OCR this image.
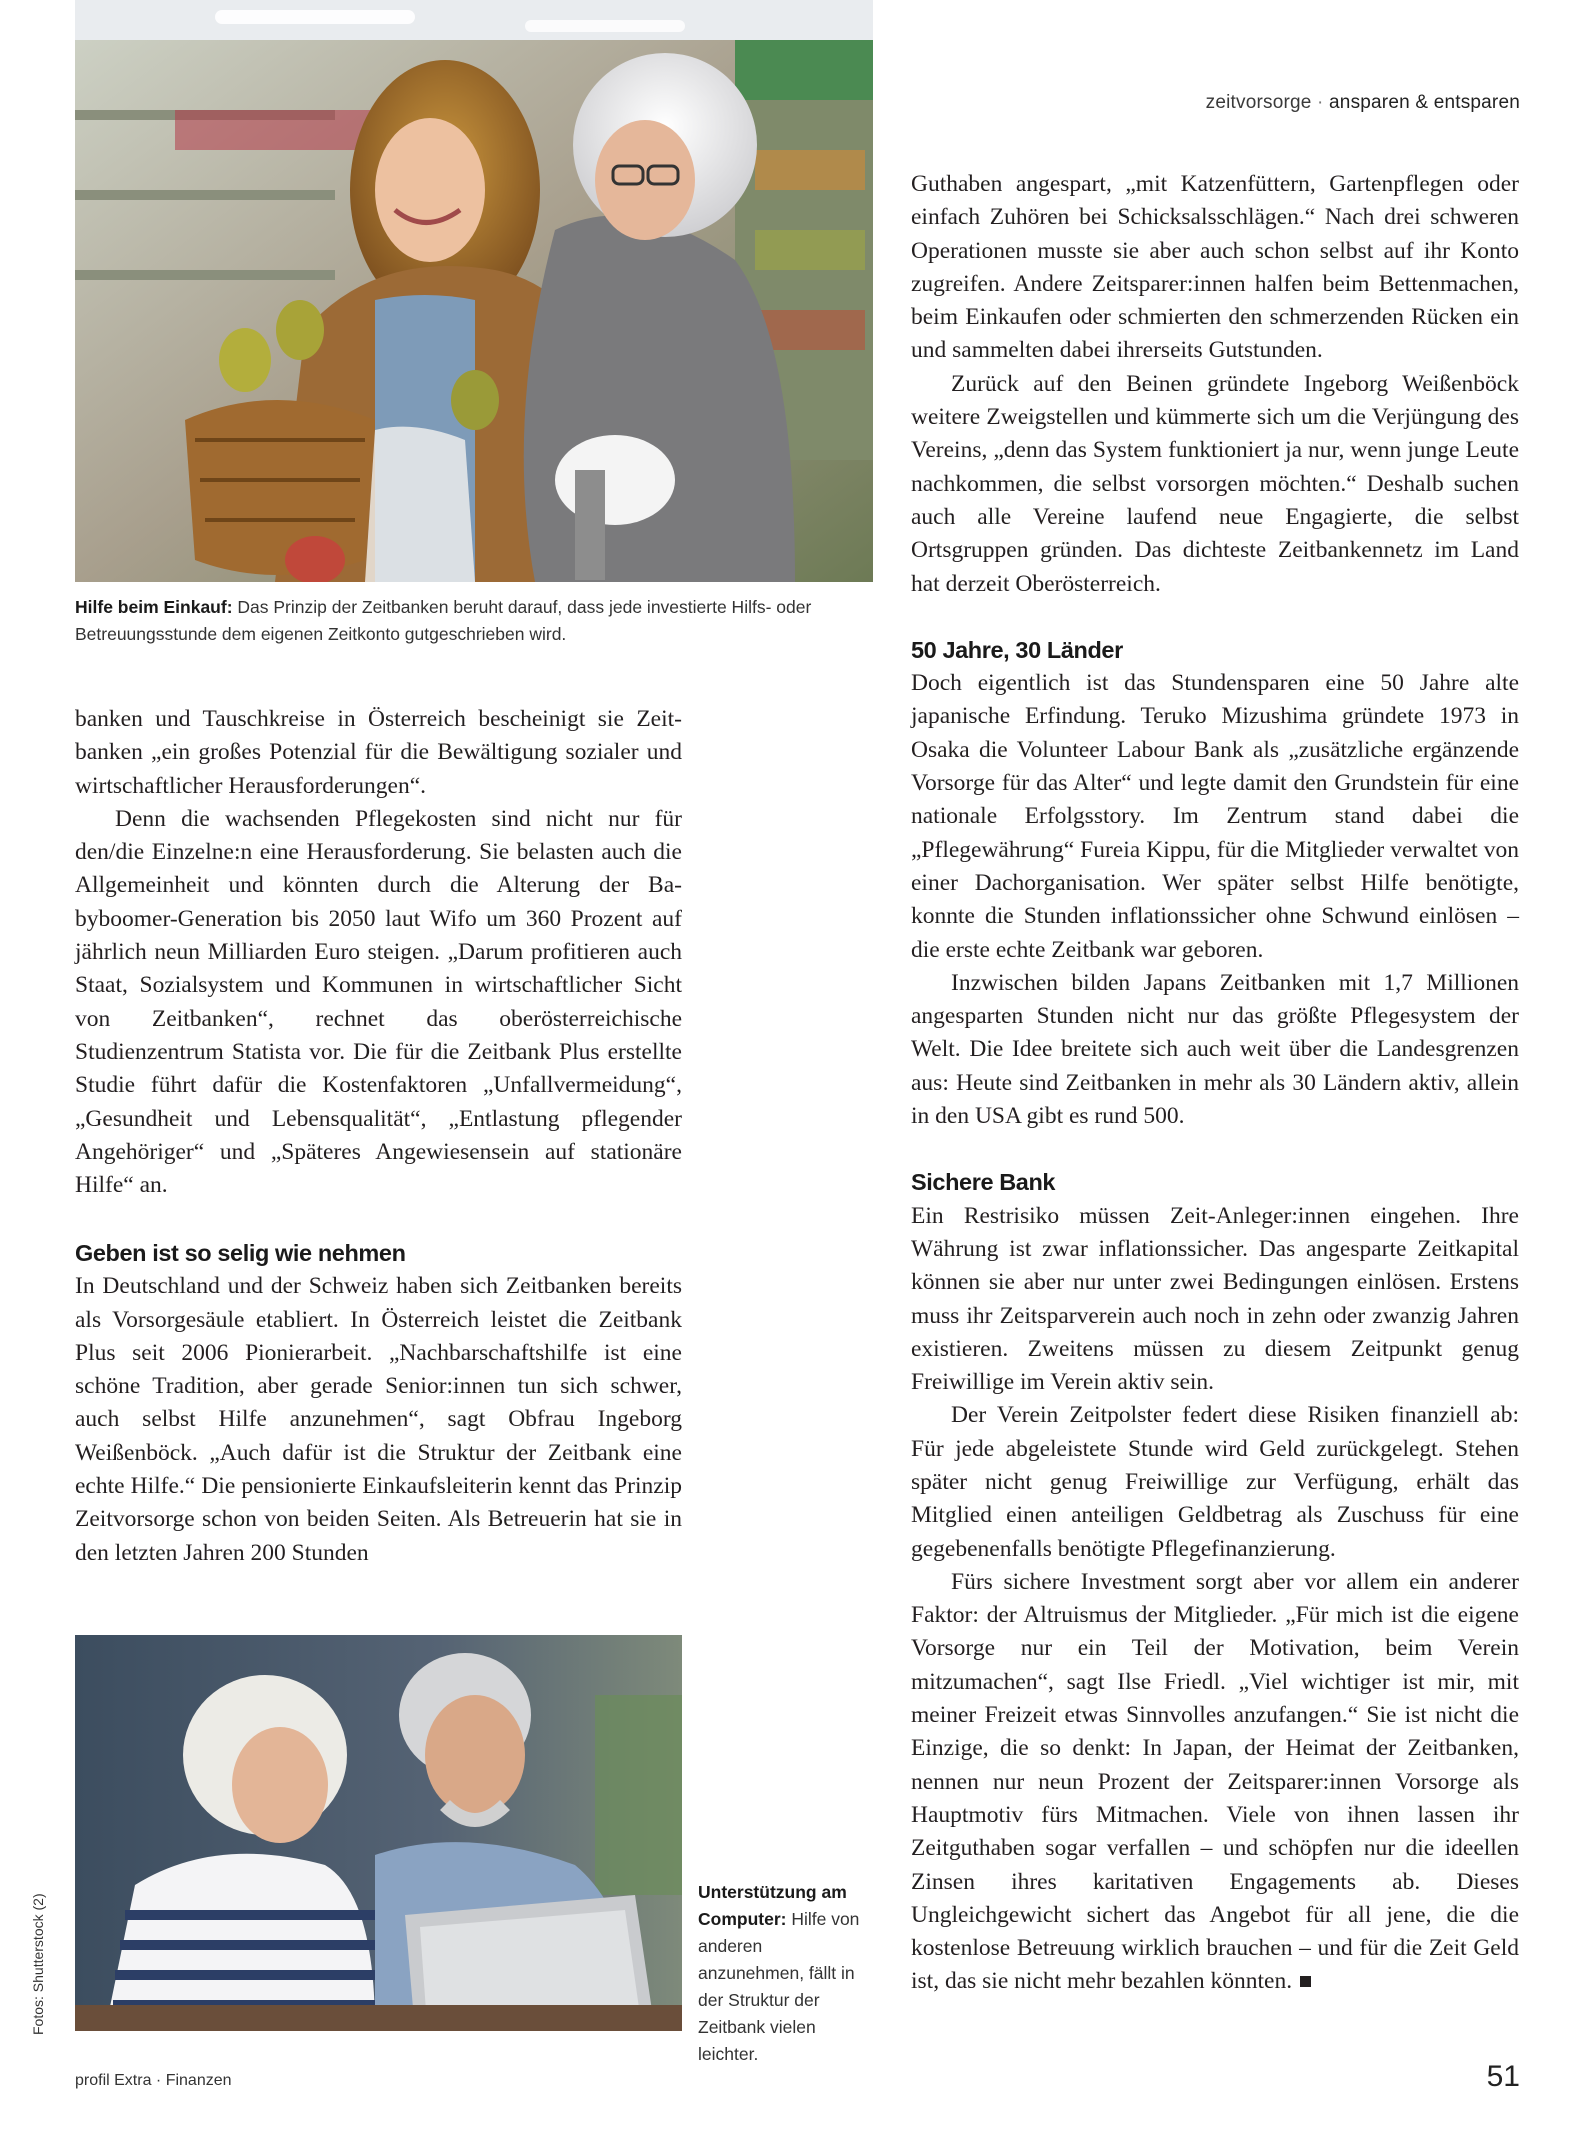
zeitvorsorge · ansparen & entsparen
Hilfe beim Einkauf: Das Prinzip der Zeitbanken beruht darauf, dass jede investierte Hilfs- oder Betreuungsstunde dem eigenen Zeitkonto gutgeschrieben wird.

banken und Tauschkreise in Österreich bescheinigt sie Zeitbanken „ein großes Potenzial für die Bewältigung sozialer und wirtschaftlicher Herausforderungen“.

Denn die wachsenden Pflegekosten sind nicht nur für den/die Einzelne:n eine Herausforderung. Sie belasten auch die Allgemeinheit und könnten durch die Alterung der Babyboomer-Generation bis 2050 laut Wifo um 360 Prozent auf jährlich neun Milliarden Euro steigen. „Darum profitieren auch Staat, Sozialsystem und Kommunen in wirtschaftlicher Sicht von Zeitbanken“, rechnet das oberösterreichische Studienzentrum Statista vor. Die für die Zeitbank Plus erstellte Studie führt dafür die Kostenfaktoren „Unfallvermeidung“, „Gesundheit und Lebensqualität“, „Entlastung pflegender Angehöriger“ und „Späteres Angewiesensein auf stationäre Hilfe“ an.

Geben ist so selig wie nehmen

In Deutschland und der Schweiz haben sich Zeitbanken bereits als Vorsorgesäule etabliert. In Österreich leistet die Zeitbank Plus seit 2006 Pionierarbeit. „Nachbarschaftshilfe ist eine schöne Tradition, aber gerade Senior:innen tun sich schwer, auch selbst Hilfe anzunehmen“, sagt Obfrau Ingeborg Weißenböck. „Auch dafür ist die Struktur der Zeitbank eine echte Hilfe.“ Die pensionierte Einkaufsleiterin kennt das Prinzip Zeitvorsorge schon von beiden Seiten. Als Betreuerin hat sie in den letzten Jahren 200 Stunden

Unterstützung am Computer: Hilfe von anderen anzunehmen, fällt in der Struktur der Zeitbank vielen leichter.
Fotos: Shutterstock (2)

Guthaben angespart, „mit Katzenfüttern, Gartenpflegen oder einfach Zuhören bei Schicksalsschlägen.“ Nach drei schweren Operationen musste sie aber auch schon selbst auf ihr Konto zugreifen. Andere Zeitsparer:innen halfen beim Bettenmachen, beim Einkaufen oder schmierten den schmerzenden Rücken ein und sammelten dabei ihrerseits Gutstunden.

Zurück auf den Beinen gründete Ingeborg Weißenböck weitere Zweigstellen und kümmerte sich um die Verjüngung des Vereins, „denn das System funktioniert ja nur, wenn junge Leute nachkommen, die selbst vorsorgen möchten.“ Deshalb suchen auch alle Vereine laufend neue Engagierte, die selbst Ortsgruppen gründen. Das dichteste Zeitbankennetz im Land hat derzeit Oberösterreich.

50 Jahre, 30 Länder

Doch eigentlich ist das Stundensparen eine 50 Jahre alte japanische Erfindung. Teruko Mizushima gründete 1973 in Osaka die Volunteer Labour Bank als „zusätzliche ergänzende Vorsorge für das Alter“ und legte damit den Grundstein für eine nationale Erfolgsstory. Im Zentrum stand dabei die „Pflegewährung“ Fureia Kippu, für die Mitglieder verwaltet von einer Dachorganisation. Wer später selbst Hilfe benötigte, konnte die Stunden inflationssicher ohne Schwund einlösen – die erste echte Zeitbank war geboren.

Inzwischen bilden Japans Zeitbanken mit 1,7 Millionen angesparten Stunden nicht nur das größte Pflegesystem der Welt. Die Idee breitete sich auch weit über die Landesgrenzen aus: Heute sind Zeitbanken in mehr als 30 Ländern aktiv, allein in den USA gibt es rund 500.

Sichere Bank

Ein Restrisiko müssen Zeit-Anleger:innen eingehen. Ihre Währung ist zwar inflationssicher. Das angesparte Zeitkapital können sie aber nur unter zwei Bedingungen einlösen. Erstens muss ihr Zeitsparverein auch noch in zehn oder zwanzig Jahren existieren. Zweitens müssen zu diesem Zeitpunkt genug Freiwillige im Verein aktiv sein.

Der Verein Zeitpolster federt diese Risiken finanziell ab: Für jede abgeleistete Stunde wird Geld zurückgelegt. Stehen später nicht genug Freiwillige zur Verfügung, erhält das Mitglied einen anteiligen Geldbetrag als Zuschuss für eine gegebenenfalls benötigte Pflegefinanzierung.

Fürs sichere Investment sorgt aber vor allem ein anderer Faktor: der Altruismus der Mitglieder. „Für mich ist die eigene Vorsorge nur ein Teil der Motivation, beim Verein mitzumachen“, sagt Ilse Friedl. „Viel wichtiger ist mir, mit meiner Freizeit etwas Sinnvolles anzufangen.“ Sie ist nicht die Einzige, die so denkt: In Japan, der Heimat der Zeitbanken, nennen nur neun Prozent der Zeitsparer:innen Vorsorge als Hauptmotiv fürs Mitmachen. Viele von ihnen lassen ihr Zeitguthaben sogar verfallen – und schöpfen nur die ideellen Zinsen ihres karitativen Engagements ab. Dieses Ungleichgewicht sichert das Angebot für all jene, die die kostenlose Betreuung wirklich brauchen – und für die Zeit Geld ist, das sie nicht mehr bezahlen könnten.

profil Extra · Finanzen	51
